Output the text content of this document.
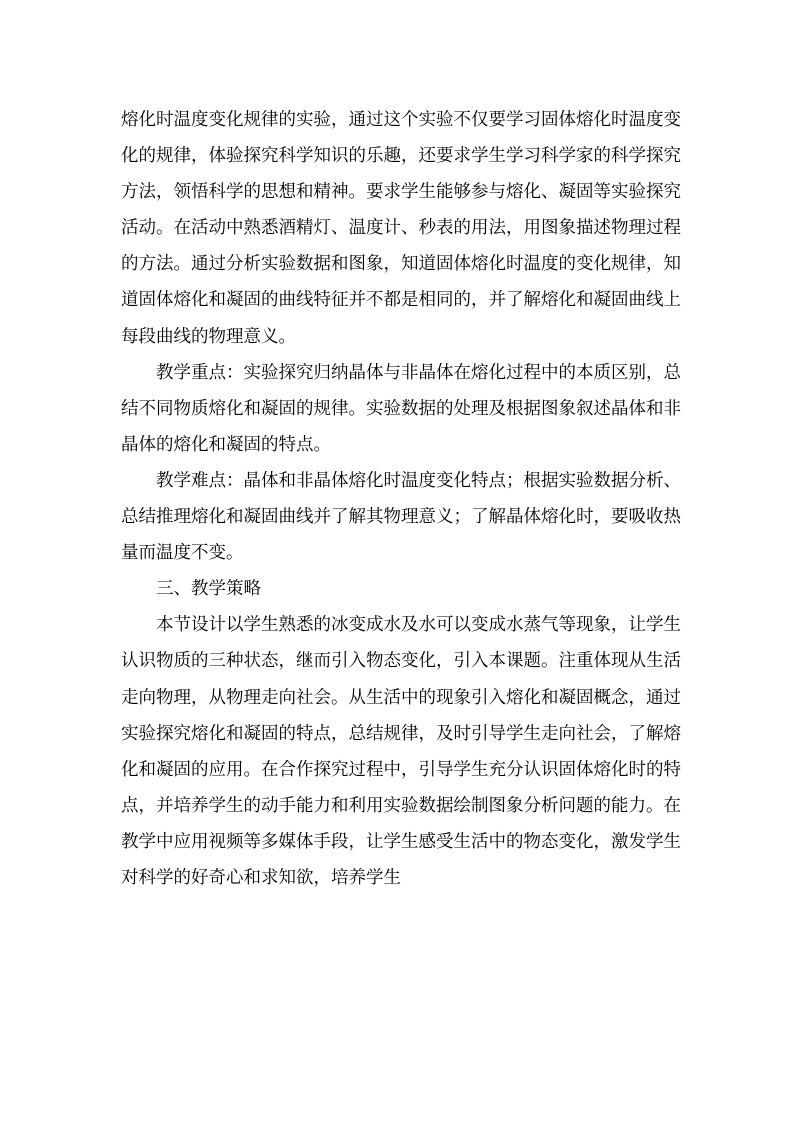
熔化时温度变化规律的实验，通过这个实验不仅要学习固体熔化时温度变化的规律，体验探究科学知识的乐趣，还要求学生学习科学家的科学探究方法，领悟科学的思想和精神。要求学生能够参与熔化、凝固等实验探究活动。在活动中熟悉酒精灯、温度计、秒表的用法，用图象描述物理过程的方法。通过分析实验数据和图象，知道固体熔化时温度的变化规律，知道固体熔化和凝固的曲线特征并不都是相同的，并了解熔化和凝固曲线上每段曲线的物理意义。

教学重点：实验探究归纳晶体与非晶体在熔化过程中的本质区别，总结不同物质熔化和凝固的规律。实验数据的处理及根据图象叙述晶体和非晶体的熔化和凝固的特点。

教学难点：晶体和非晶体熔化时温度变化特点；根据实验数据分析、总结推理熔化和凝固曲线并了解其物理意义；了解晶体熔化时，要吸收热量而温度不变。

三、教学策略

本节设计以学生熟悉的冰变成水及水可以变成水蒸气等现象，让学生认识物质的三种状态，继而引入物态变化，引入本课题。注重体现从生活走向物理，从物理走向社会。从生活中的现象引入熔化和凝固概念，通过实验探究熔化和凝固的特点，总结规律，及时引导学生走向社会，了解熔化和凝固的应用。在合作探究过程中，引导学生充分认识固体熔化时的特点，并培养学生的动手能力和利用实验数据绘制图象分析问题的能力。在教学中应用视频等多媒体手段，让学生感受生活中的物态变化，激发学生对科学的好奇心和求知欲，培养学生
